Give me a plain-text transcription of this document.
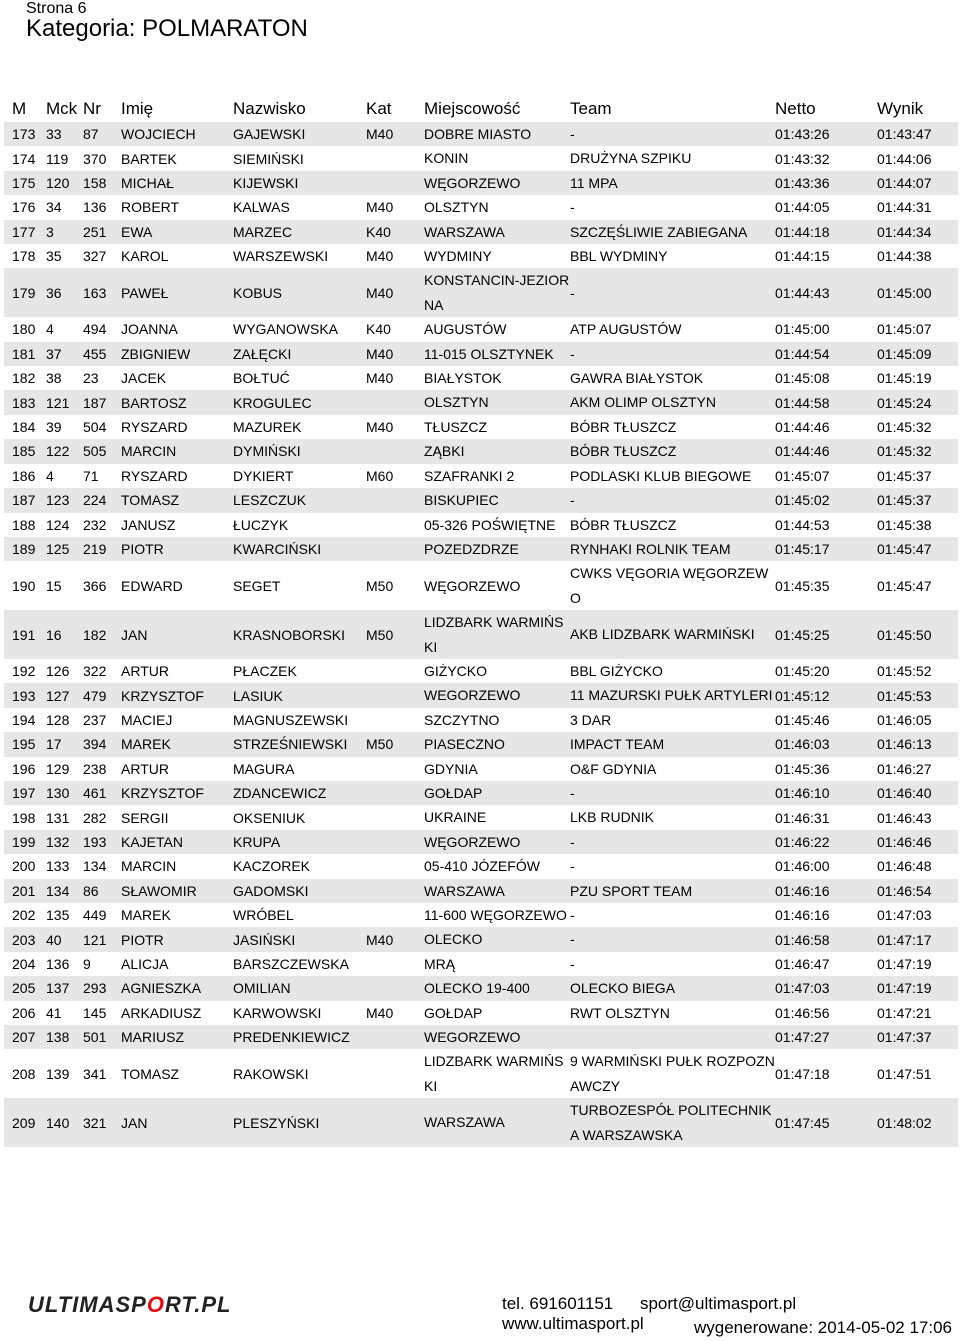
Strona 6
Kategoria: POLMARATON
M	Mck	Nr	Imię	Nazwisko	Kat	Miejscowość	Team	Netto	Wynik
173	33	87	WOJCIECH	GAJEWSKI	M40	DOBRE MIASTO	-	01:43:26	01:43:47
174	119	370	BARTEK	SIEMIŃSKI		KONIN	DRUŻYNA SZPIKU	01:43:32	01:44:06
175	120	158	MICHAŁ	KIJEWSKI		WĘGORZEWO	11 MPA	01:43:36	01:44:07
176	34	136	ROBERT	KALWAS	M40	OLSZTYN	-	01:44:05	01:44:31
177	3	251	EWA	MARZEC	K40	WARSZAWA	SZCZĘŚLIWIE ZABIEGANA	01:44:18	01:44:34
178	35	327	KAROL	WARSZEWSKI	M40	WYDMINY	BBL WYDMINY	01:44:15	01:44:38
179	36	163	PAWEŁ	KOBUS	M40	KONSTANCIN-JEZIORNA	-	01:44:43	01:45:00
180	4	494	JOANNA	WYGANOWSKA	K40	AUGUSTÓW	ATP AUGUSTÓW	01:45:00	01:45:07
181	37	455	ZBIGNIEW	ZAŁĘCKI	M40	11-015 OLSZTYNEK	-	01:44:54	01:45:09
182	38	23	JACEK	BOŁTUĆ	M40	BIAŁYSTOK	GAWRA BIAŁYSTOK	01:45:08	01:45:19
183	121	187	BARTOSZ	KROGULEC		OLSZTYN	AKM OLIMP OLSZTYN	01:44:58	01:45:24
184	39	504	RYSZARD	MAZUREK	M40	TŁUSZCZ	BÓBR TŁUSZCZ	01:44:46	01:45:32
185	122	505	MARCIN	DYMIŃSKI		ZĄBKI	BÓBR TŁUSZCZ	01:44:46	01:45:32
186	4	71	RYSZARD	DYKIERT	M60	SZAFRANKI 2	PODLASKI KLUB BIEGOWE	01:45:07	01:45:37
187	123	224	TOMASZ	LESZCZUK		BISKUPIEC	-	01:45:02	01:45:37
188	124	232	JANUSZ	ŁUCZYK		05-326 POŚWIĘTNE	BÓBR TŁUSZCZ	01:44:53	01:45:38
189	125	219	PIOTR	KWARCIŃSKI		POZEDZDRZE	RYNHAKI ROLNIK TEAM	01:45:17	01:45:47
190	15	366	EDWARD	SEGET	M50	WĘGORZEWO	CWKS VĘGORIA WĘGORZEWO	01:45:35	01:45:47
191	16	182	JAN	KRASNOBORSKI	M50	LIDZBARK WARMIŃSKI	AKB LIDZBARK WARMIŃSKI	01:45:25	01:45:50
192	126	322	ARTUR	PŁACZEK		GIŻYCKO	BBL GIŻYCKO	01:45:20	01:45:52
193	127	479	KRZYSZTOF	LASIUK		WEGORZEWO	11 MAZURSKI PUŁK ARTYLERI	01:45:12	01:45:53
194	128	237	MACIEJ	MAGNUSZEWSKI		SZCZYTNO	3 DAR	01:45:46	01:46:05
195	17	394	MAREK	STRZEŚNIEWSKI	M50	PIASECZNO	IMPACT TEAM	01:46:03	01:46:13
196	129	238	ARTUR	MAGURA		GDYNIA	O&F GDYNIA	01:45:36	01:46:27
197	130	461	KRZYSZTOF	ZDANCEWICZ		GOŁDAP	-	01:46:10	01:46:40
198	131	282	SERGII	OKSENIUK		UKRAINE	LKB RUDNIK	01:46:31	01:46:43
199	132	193	KAJETAN	KRUPA		WĘGORZEWO	-	01:46:22	01:46:46
200	133	134	MARCIN	KACZOREK		05-410 JÓZEFÓW	-	01:46:00	01:46:48
201	134	86	SŁAWOMIR	GADOMSKI		WARSZAWA	PZU SPORT TEAM	01:46:16	01:46:54
202	135	449	MAREK	WRÓBEL		11-600 WĘGORZEWO	-	01:46:16	01:47:03
203	40	121	PIOTR	JASIŃSKI	M40	OLECKO	-	01:46:58	01:47:17
204	136	9	ALICJA	BARSZCZEWSKA		MRĄ	-	01:46:47	01:47:19
205	137	293	AGNIESZKA	OMILIAN		OLECKO 19-400	OLECKO BIEGA	01:47:03	01:47:19
206	41	145	ARKADIUSZ	KARWOWSKI	M40	GOŁDAP	RWT OLSZTYN	01:46:56	01:47:21
207	138	501	MARIUSZ	PREDENKIEWICZ		WEGORZEWO		01:47:27	01:47:37
208	139	341	TOMASZ	RAKOWSKI		LIDZBARK WARMIŃSKI	9 WARMIŃSKI PUŁK ROZPOZNAWCZY	01:47:18	01:47:51
209	140	321	JAN	PLESZYŃSKI		WARSZAWA	TURBOZESPÓŁ POLITECHNIKA WARSZAWSKA	01:47:45	01:48:02
ULTIMASPORT.PL	tel. 691601151 sport@ultimasport.pl www.ultimasport.pl	wygenerowane: 2014-05-02 17:06
